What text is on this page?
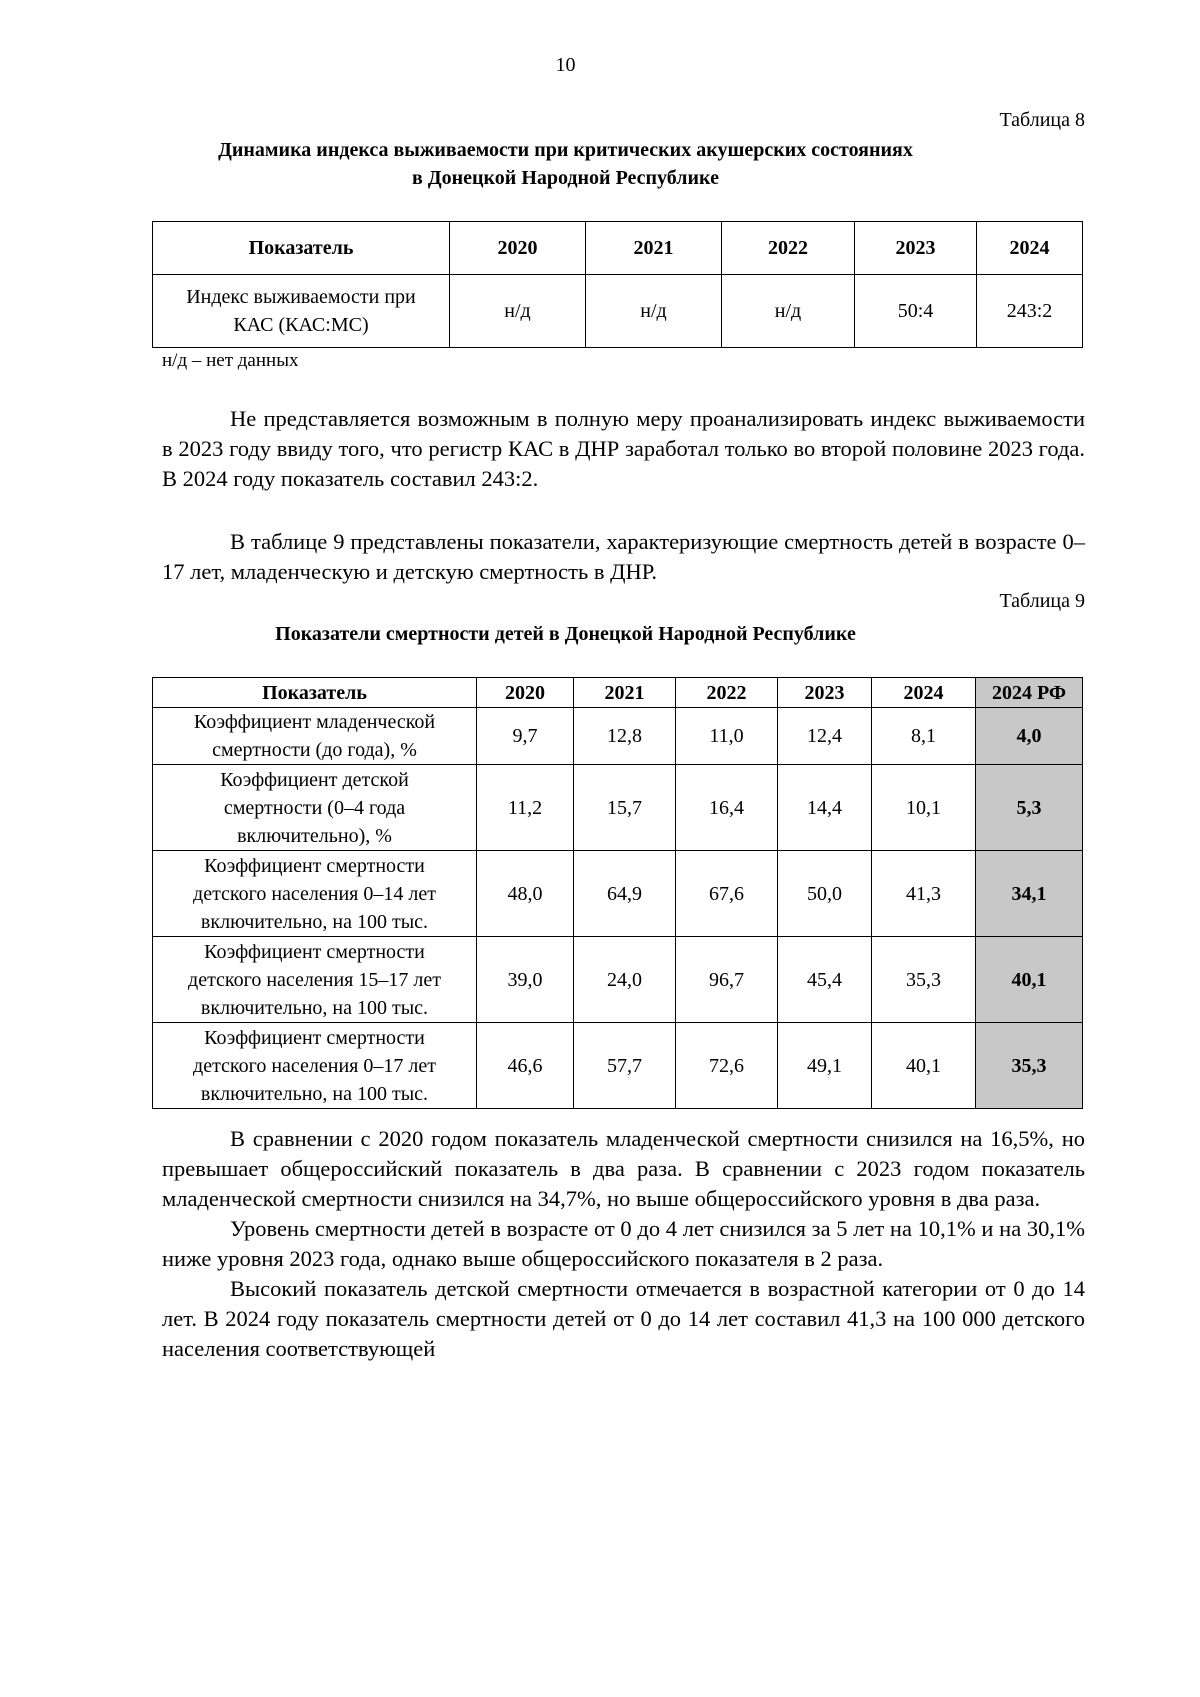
10
Таблица 8
Динамика индекса выживаемости при критических акушерских состояниях
в Донецкой Народной Республике
Показатель	2020	2021	2022	2023	2024

Индекс выживаемости при
КАС (КАС:МС)	н/д	н/д	н/д	50:4	243:2
н/д – нет данных

Не представляется возможным в полную меру проанализировать индекс выживаемости в 2023 году ввиду того, что регистр КАС в ДНР заработал только во второй половине 2023 года. В 2024 году показатель составил 243:2.

В таблице 9 представлены показатели, характеризующие смертность детей в возрасте 0–17 лет, младенческую и детскую смертность в ДНР.

Таблица 9
Показатели смертности детей в Донецкой Народной Республике
Показатель	2020	2021	2022	2023	2024	2024 РФ

Коэффициент младенческой
смертности (до года), %	9,7	12,8	11,0	12,4	8,1	4,0

Коэффициент детской
смертности (0–4 года
включительно), %	11,2	15,7	16,4	14,4	10,1	5,3

Коэффициент смертности
детского населения 0–14 лет
включительно, на 100 тыс.	48,0	64,9	67,6	50,0	41,3	34,1

Коэффициент смертности
детского населения 15–17 лет
включительно, на 100 тыс.	39,0	24,0	96,7	45,4	35,3	40,1

Коэффициент смертности
детского населения 0–17 лет
включительно, на 100 тыс.	46,6	57,7	72,6	49,1	40,1	35,3

В сравнении с 2020 годом показатель младенческой смертности снизился на 16,5%, но превышает общероссийский показатель в два раза. В сравнении с 2023 годом показатель младенческой смертности снизился на 34,7%, но выше общероссийского уровня в два раза.

Уровень смертности детей в возрасте от 0 до 4 лет снизился за 5 лет на 10,1% и на 30,1% ниже уровня 2023 года, однако выше общероссийского показателя в 2 раза.

Высокий показатель детской смертности отмечается в возрастной категории от 0 до 14 лет. В 2024 году показатель смертности детей от 0 до 14 лет составил 41,3 на 100 000 детского населения соответствующей
